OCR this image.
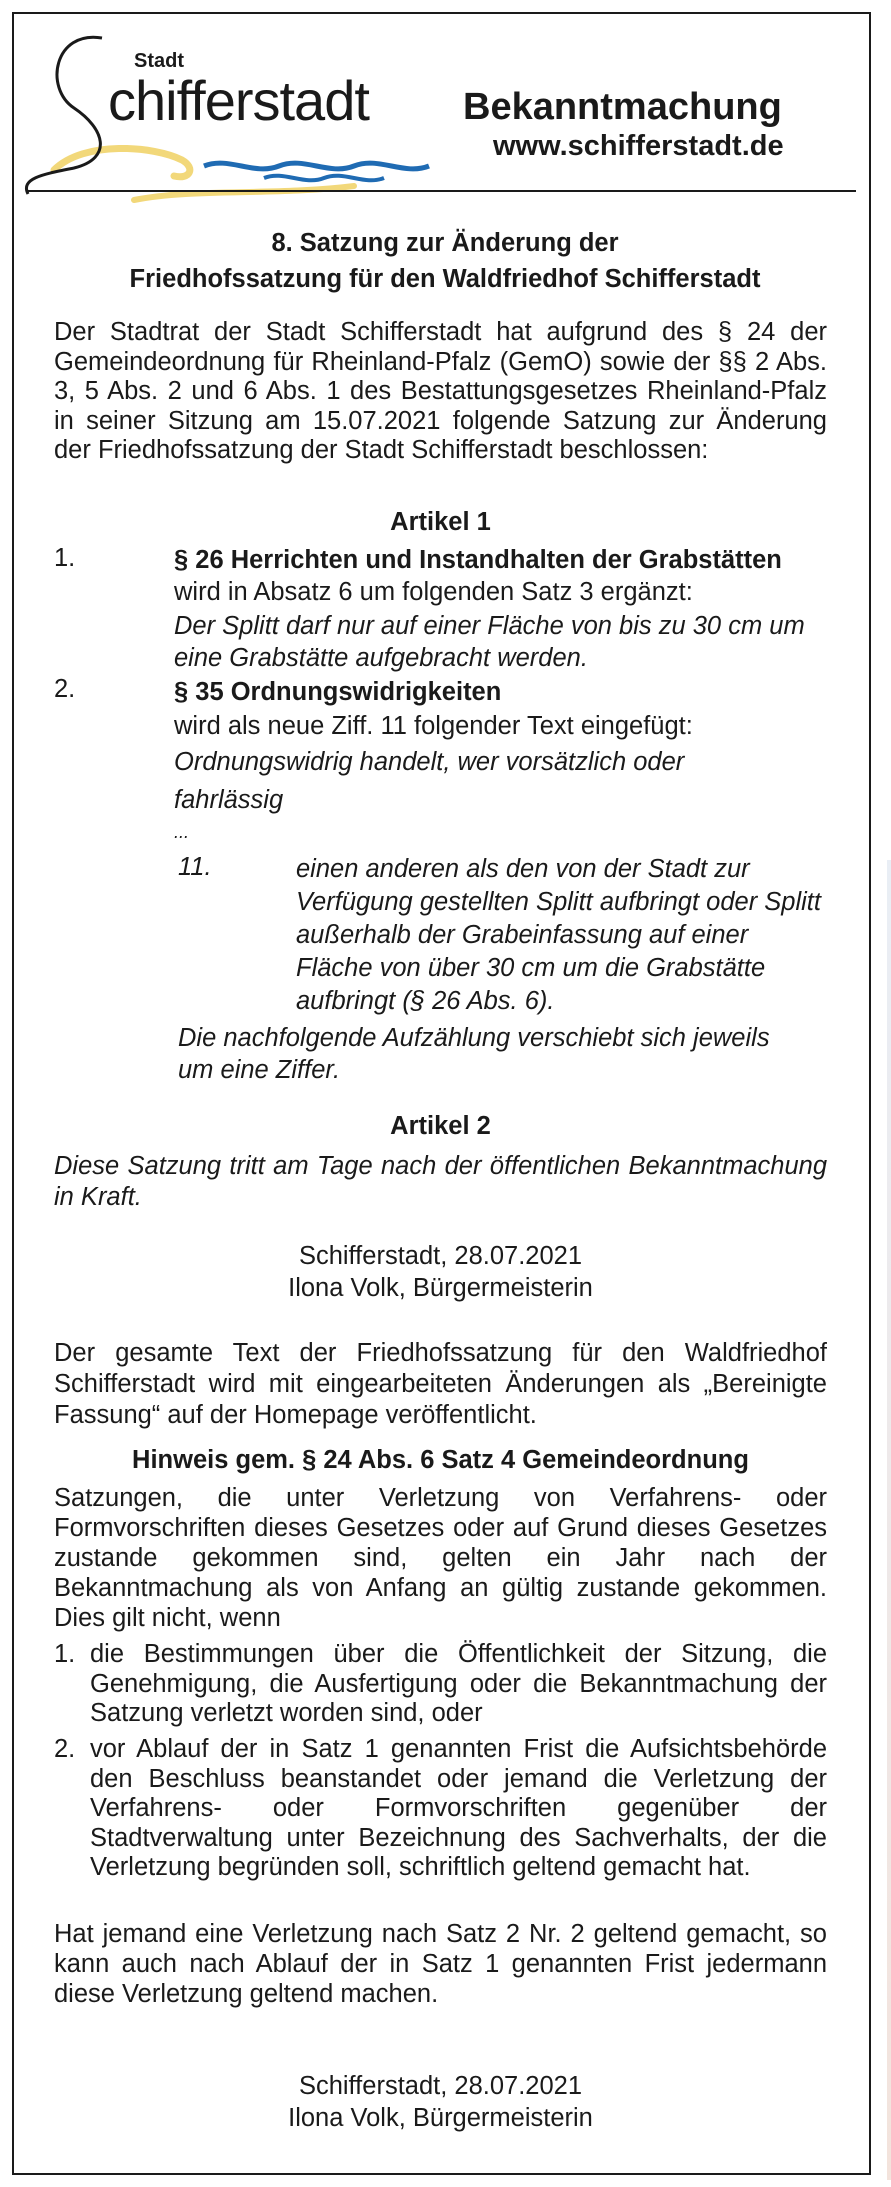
Stadt
chifferstadt Bekanntmachung
www.schifferstadt.de
8. Satzung zur Änderung der
Friedhofssatzung für den Waldfriedhof Schifferstadt

Der Stadtrat der Stadt Schifferstadt hat aufgrund des § 24 der Gemeindeordnung für Rheinland-Pfalz (GemO) sowie der §§ 2 Abs. 3, 5 Abs. 2 und 6 Abs. 1 des Bestattungsgesetzes Rheinland-Pfalz in seiner Sitzung am 15.07.2021 folgende Satzung zur Änderung der Friedhofssatzung der Stadt Schifferstadt beschlossen:

Artikel 1
1.	§ 26 Herrichten und Instandhalten der Grabstätten
wird in Absatz 6 um folgenden Satz 3 ergänzt:
Der Splitt darf nur auf einer Fläche von bis zu 30 cm um eine Grabstätte aufgebracht werden.
2.	§ 35 Ordnungswidrigkeiten
wird als neue Ziff. 11 folgender Text eingefügt:
Ordnungswidrig handelt, wer vorsätzlich oder fahrlässig
...
11.	einen anderen als den von der Stadt zur Verfügung gestellten Splitt aufbringt oder Splitt außerhalb der Grabeinfassung auf einer Fläche von über 30 cm um die Grabstätte aufbringt (§ 26 Abs. 6).
Die nachfolgende Aufzählung verschiebt sich jeweils um eine Ziffer.
Artikel 2

Diese Satzung tritt am Tage nach der öffentlichen Bekanntmachung in Kraft.

Schifferstadt, 28.07.2021
Ilona Volk, Bürgermeisterin

Der gesamte Text der Friedhofssatzung für den Waldfriedhof Schifferstadt wird mit eingearbeiteten Änderungen als „Bereinigte Fassung“ auf der Homepage veröffentlicht.

Hinweis gem. § 24 Abs. 6 Satz 4 Gemeindeordnung

Satzungen, die unter Verletzung von Verfahrens- oder Formvorschriften dieses Gesetzes oder auf Grund dieses Gesetzes zustande gekommen sind, gelten ein Jahr nach der Bekanntmachung als von Anfang an gültig zustande gekommen. Dies gilt nicht, wenn

1. die Bestimmungen über die Öffentlichkeit der Sitzung, die Genehmigung, die Ausfertigung oder die Bekanntmachung der Satzung verletzt worden sind, oder

2. vor Ablauf der in Satz 1 genannten Frist die Aufsichtsbehörde den Beschluss beanstandet oder jemand die Verletzung der Verfahrens- oder Formvorschriften gegenüber der Stadtverwaltung unter Bezeichnung des Sachverhalts, der die Verletzung begründen soll, schriftlich geltend gemacht hat.

Hat jemand eine Verletzung nach Satz 2 Nr. 2 geltend gemacht, so kann auch nach Ablauf der in Satz 1 genannten Frist jedermann diese Verletzung geltend machen.

Schifferstadt, 28.07.2021
Ilona Volk, Bürgermeisterin
